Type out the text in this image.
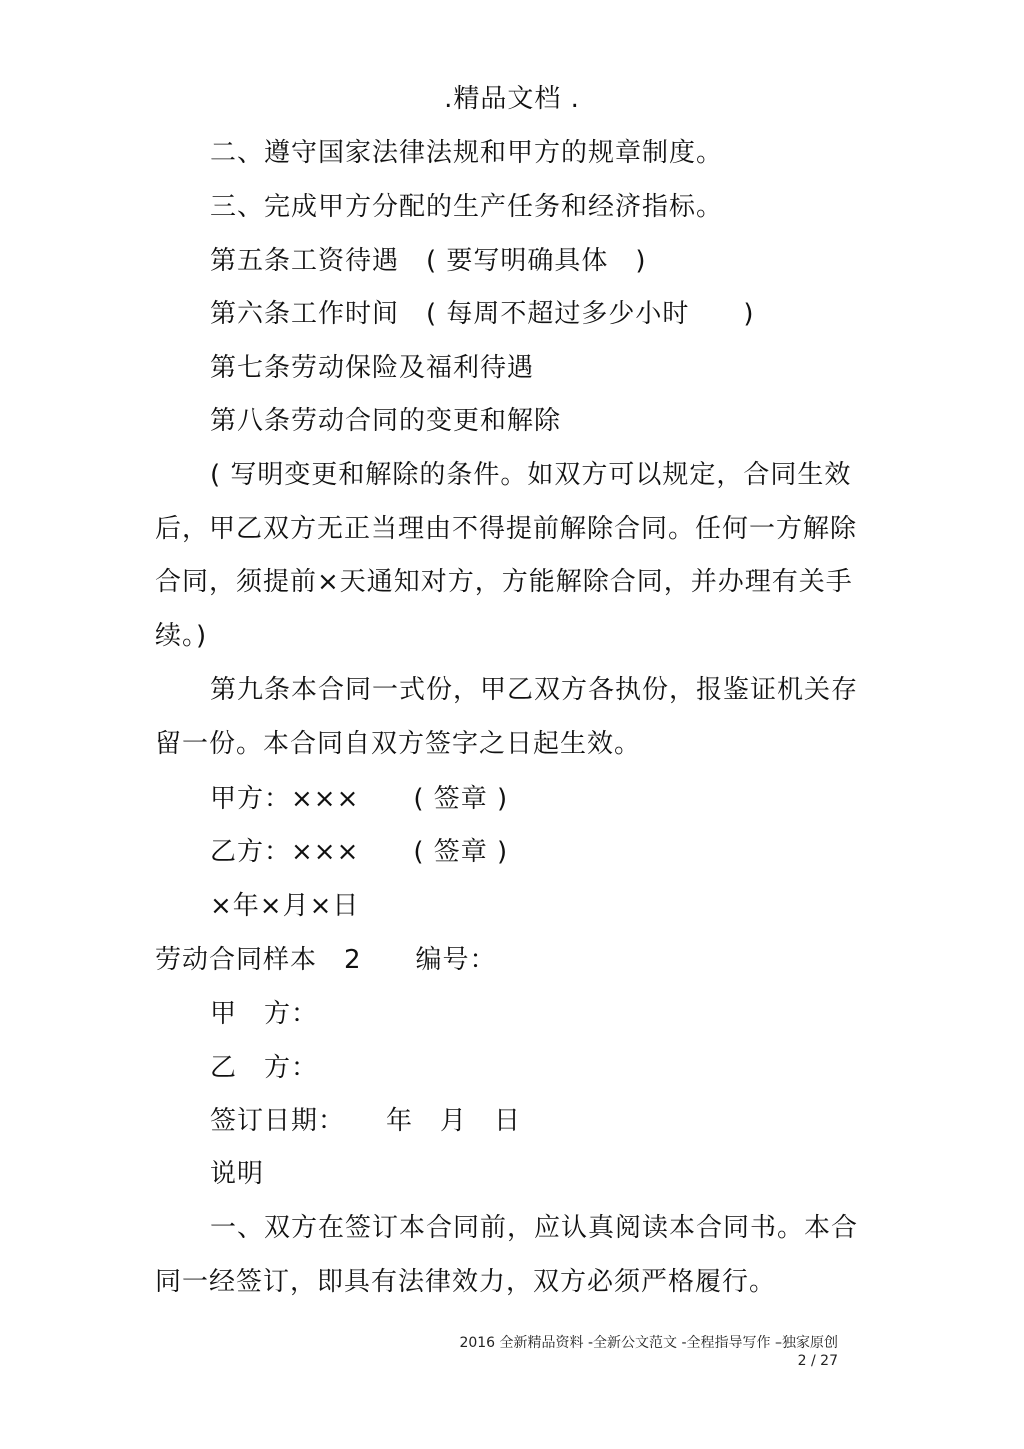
.精品文档 .
二、遵守国家法律法规和甲方的规章制度。
三、完成甲方分配的生产任务和经济指标。
第五条工资待遇　( 要写明确具体　)
第六条工作时间　( 每周不超过多少小时　　)
第七条劳动保险及福利待遇
第八条劳动合同的变更和解除
( 写明变更和解除的条件。如双方可以规定，合同生效
后，甲乙双方无正当理由不得提前解除合同。任何一方解除
合同，须提前×天通知对方，方能解除合同，并办理有关手
续。)
第九条本合同一式份，甲乙双方各执份，报鉴证机关存
留一份。本合同自双方签字之日起生效。
甲方：×××　　( 签章 )
乙方：×××　　( 签章 )
×年×月×日
劳动合同样本　2　　编号：
甲　方：
乙　方：
签订日期：　　年　月　日
说明
一、双方在签订本合同前，应认真阅读本合同书。本合
同一经签订，即具有法律效力，双方必须严格履行。
2016 全新精品资料 -全新公文范文 -全程指导写作 –独家原创
2 / 27
